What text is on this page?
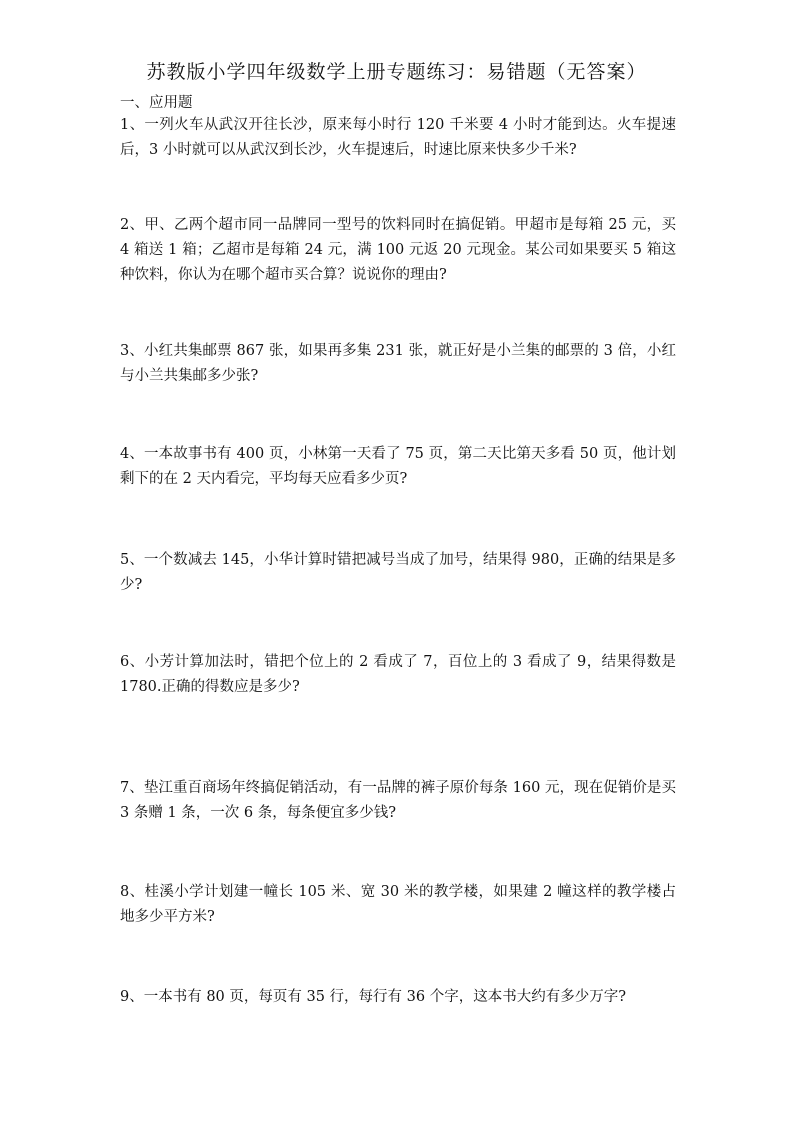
苏教版小学四年级数学上册专题练习：易错题（无答案）
一、应用题
1、一列火车从武汉开往长沙，原来每小时行 120 千米要 4 小时才能到达。火车提速后，3 小时就可以从武汉到长沙，火车提速后，时速比原来快多少千米?
2、甲、乙两个超市同一品牌同一型号的饮料同时在搞促销。甲超市是每箱 25 元，买 4 箱送 1 箱；乙超市是每箱 24 元，满 100 元返 20 元现金。某公司如果要买 5 箱这种饮料，你认为在哪个超市买合算？说说你的理由?
3、小红共集邮票 867 张，如果再多集 231 张，就正好是小兰集的邮票的 3 倍，小红与小兰共集邮多少张?
4、一本故事书有 400 页，小林第一天看了 75 页，第二天比第天多看 50 页，他计划剩下的在 2 天内看完，平均每天应看多少页?
5、一个数减去 145，小华计算时错把减号当成了加号，结果得 980，正确的结果是多少?
6、小芳计算加法时，错把个位上的 2 看成了 7，百位上的 3 看成了 9，结果得数是 1780.正确的得数应是多少?
7、垫江重百商场年终搞促销活动，有一品牌的裤子原价每条 160 元，现在促销价是买 3 条赠 1 条，一次 6 条，每条便宜多少钱?
8、桂溪小学计划建一幢长 105 米、宽 30 米的教学楼，如果建 2 幢这样的教学楼占地多少平方米?
9、一本书有 80 页，每页有 35 行，每行有 36 个字，这本书大约有多少万字?
